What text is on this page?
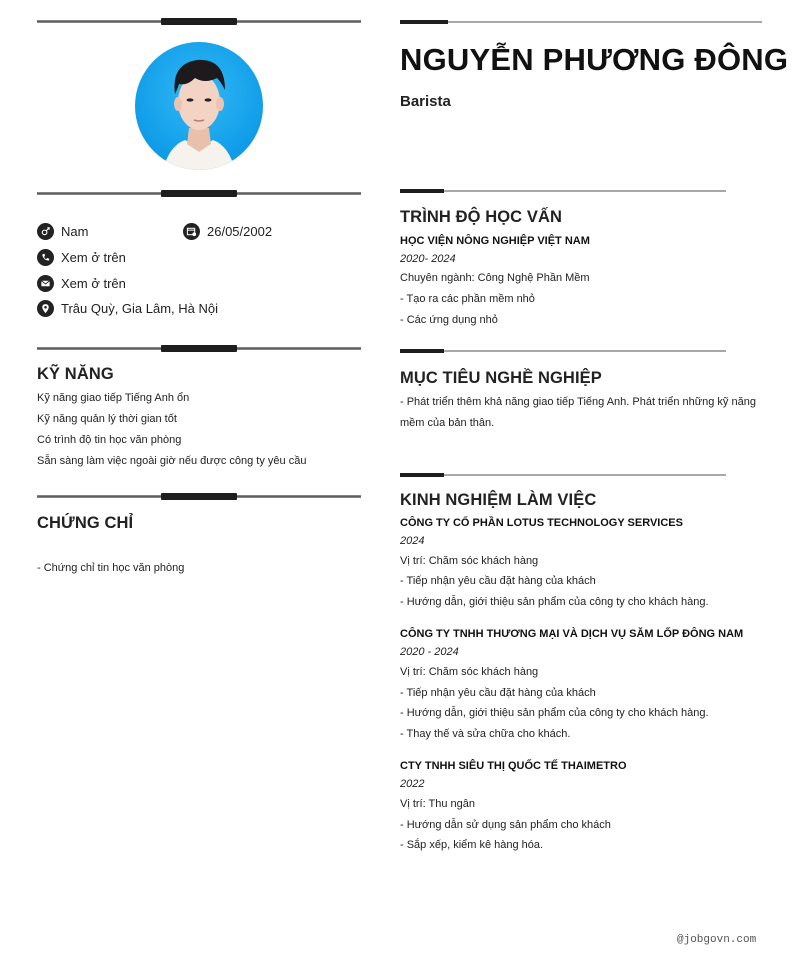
Nam	26/05/2002
Xem ở trên
Xem ở trên
Trâu Quỳ, Gia Lâm, Hà Nội
KỸ NĂNG
Kỹ năng giao tiếp Tiếng Anh ổn
Kỹ năng quản lý thời gian tốt
Có trình độ tin học văn phòng
Sẵn sàng làm việc ngoài giờ nếu được công ty yêu cầu
CHỨNG CHỈ
- Chứng chỉ tin học văn phòng
NGUYỄN PHƯƠNG ĐÔNG
Barista
TRÌNH ĐỘ HỌC VẤN
HỌC VIỆN NÔNG NGHIỆP VIỆT NAM
2020- 2024
Chuyên ngành: Công Nghệ Phần Mềm
- Tạo ra các phần mềm nhỏ
- Các ứng dụng nhỏ
MỤC TIÊU NGHỀ NGHIỆP
- Phát triển thêm khả năng giao tiếp Tiếng Anh. Phát triển những kỹ năng
mềm của bản thân.
KINH NGHIỆM LÀM VIỆC
CÔNG TY CỔ PHẦN LOTUS TECHNOLOGY SERVICES
2024
Vị trí: Chăm sóc khách hàng
- Tiếp nhận yêu cầu đặt hàng của khách
- Hướng dẫn, giới thiệu sản phẩm của công ty cho khách hàng.
CÔNG TY TNHH THƯƠNG MẠI VÀ DỊCH VỤ SĂM LỐP ĐÔNG NAM
2020 - 2024
Vị trí: Chăm sóc khách hàng
- Tiếp nhận yêu cầu đặt hàng của khách
- Hướng dẫn, giới thiệu sản phẩm của công ty cho khách hàng.
- Thay thế và sửa chữa cho khách.
CTY TNHH SIÊU THỊ QUỐC TẾ THAIMETRO
2022
Vị trí: Thu ngân
- Hướng dẫn sử dụng sản phẩm cho khách
- Sắp xếp, kiểm kê hàng hóa.
@jobgovn.com
